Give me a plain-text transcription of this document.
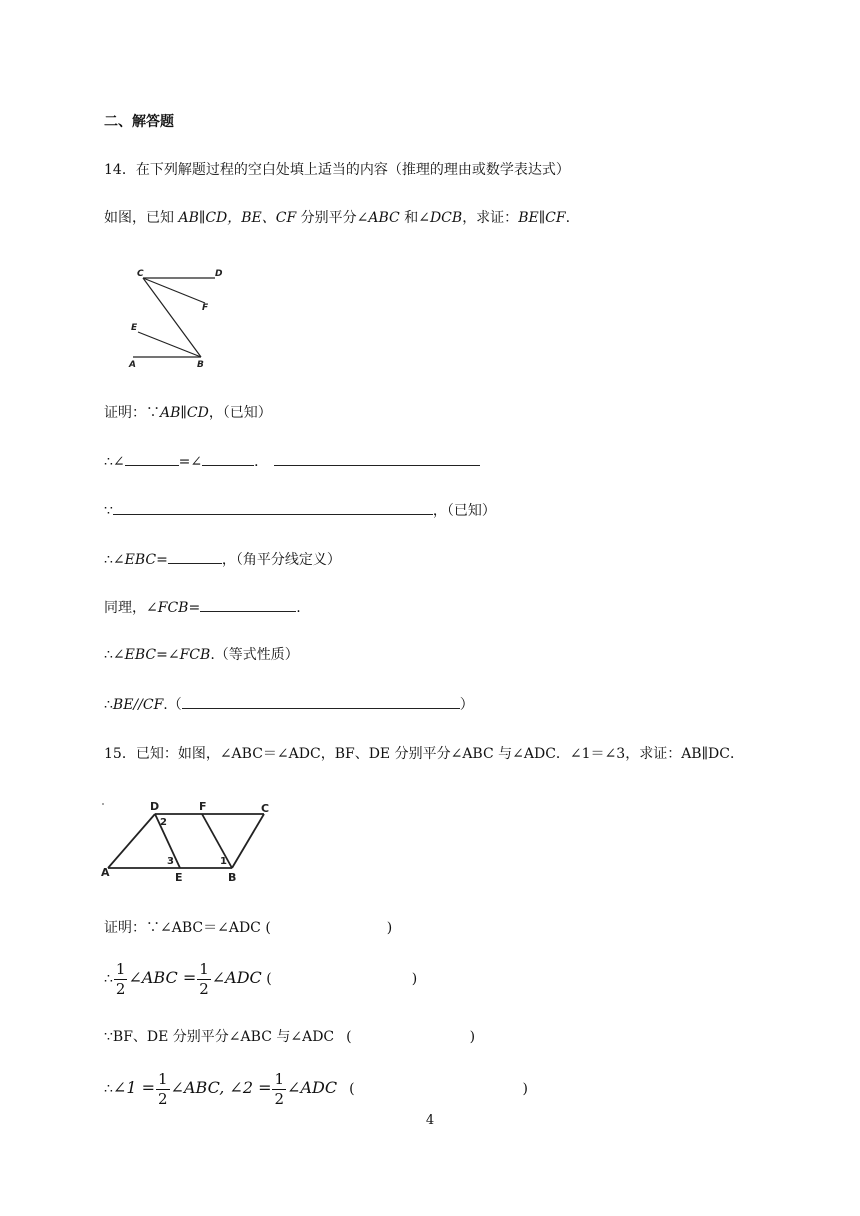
二、解答题
14．在下列解题过程的空白处填上适当的内容（推理的理由或数学表达式）
如图，已知 AB∥CD，BE、CF 分别平分∠ABC 和∠DCB，求证：BE∥CF.
C	D
F
E
A	B
证明：∵AB∥CD，（已知）
∴∠	=∠	．
∵	，（已知）
∴∠EBC=	，（角平分线定义）
同理，∠FCB=	.
∴∠EBC=∠FCB.（等式性质）
∴BE//CF.（	）
15．已知：如图，∠ABC＝∠ADC，BF、DE 分别平分∠ABC 与∠ADC．∠1＝∠3，求证：AB∥DC．
D	F	C
A	E	B
2
3	1
证明：∵∠ABC＝∠ADC (	)
∴ $\frac{1}{2}$ ∠ABC = $\frac{1}{2}$ ∠ADC (	)
∵BF、DE 分别平分∠ABC 与∠ADC (	)
∴∠1 = $\frac{1}{2}$ ∠ABC, ∠2 = $\frac{1}{2}$ ∠ADC (	)
4
